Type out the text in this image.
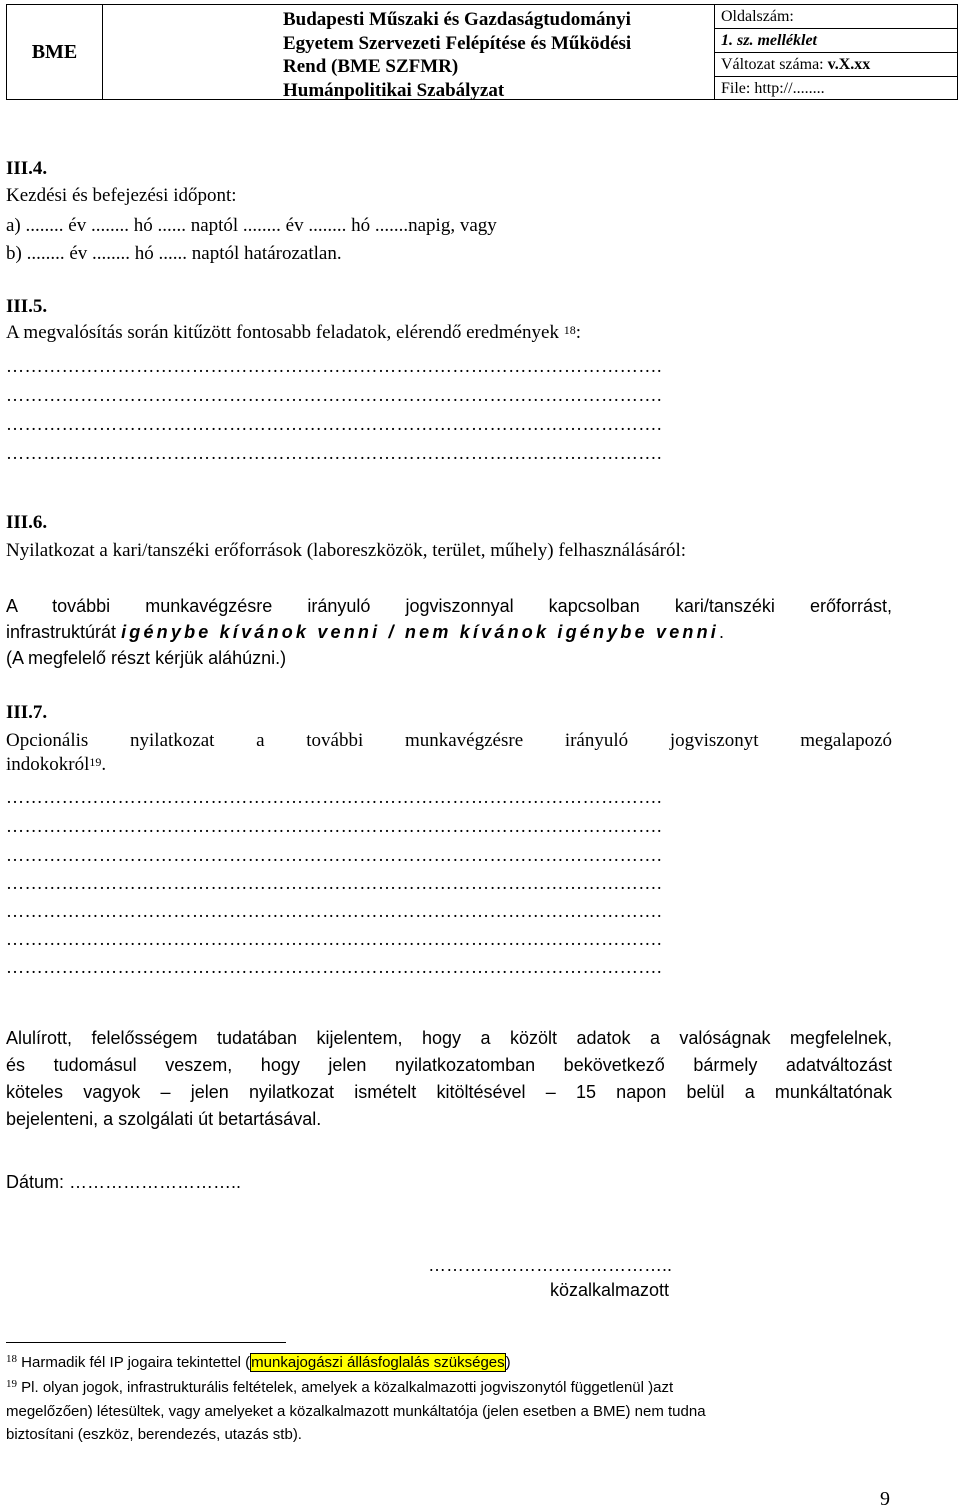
BME
Budapesti Műszaki és Gazdaságtudományi
Egyetem Szervezeti Felépítése és Működési
Rend (BME SZFMR)
Humánpolitikai Szabályzat
Oldalszám:
1. sz. melléklet
Változat száma: v.X.xx
File: http://........
III.4.
Kezdési és befejezési időpont:
a) ........ év ........ hó ...... naptól ........ év ........ hó .......napig, vagy
b) ........ év ........ hó ...... naptól határozatlan.
III.5.
A megvalósítás során kitűzött fontosabb feladatok, elérendő eredmények $^{18}$:
…………………………………………………………………………………………….
…………………………………………………………………………………………….
…………………………………………………………………………………………….
…………………………………………………………………………………………….
III.6.
Nyilatkozat a kari/tanszéki erőforrások (laboreszközök, terület, műhely) felhasználásáról:
A további munkavégzésre irányuló jogviszonnyal kapcsolban kari/tanszéki erőforrást,
infrastruktúrát igénybe kívánok venni / nem kívánok igénybe venni.
(A megfelelő részt kérjük aláhúzni.)
III.7.
Opcionális nyilatkozat a további munkavégzésre irányuló jogviszonyt megalapozó
indokokról$^{19}$.
…………………………………………………………………………………………….
…………………………………………………………………………………………….
…………………………………………………………………………………………….
…………………………………………………………………………………………….
…………………………………………………………………………………………….
…………………………………………………………………………………………….
…………………………………………………………………………………………….
Alulírott, felelősségem tudatában kijelentem, hogy a közölt adatok a valóságnak megfelelnek,
és tudomásul veszem, hogy jelen nyilatkozatomban bekövetkező bármely adatváltozást
köteles vagyok – jelen nyilatkozat ismételt kitöltésével – 15 napon belül a munkáltatónak
bejelenteni, a szolgálati út betartásával.
Dátum: ………………………..
…………………………………..
közalkalmazott
$^{18}$ Harmadik fél IP jogaira tekintettel (munkajogászi állásfoglalás szükséges)
$^{19}$ Pl. olyan jogok, infrastrukturális feltételek, amelyek a közalkalmazotti jogviszonytól függetlenül )azt
megelőzően) létesültek, vagy amelyeket a közalkalmazott munkáltatója (jelen esetben a BME) nem tudna
biztosítani (eszköz, berendezés, utazás stb).
9
